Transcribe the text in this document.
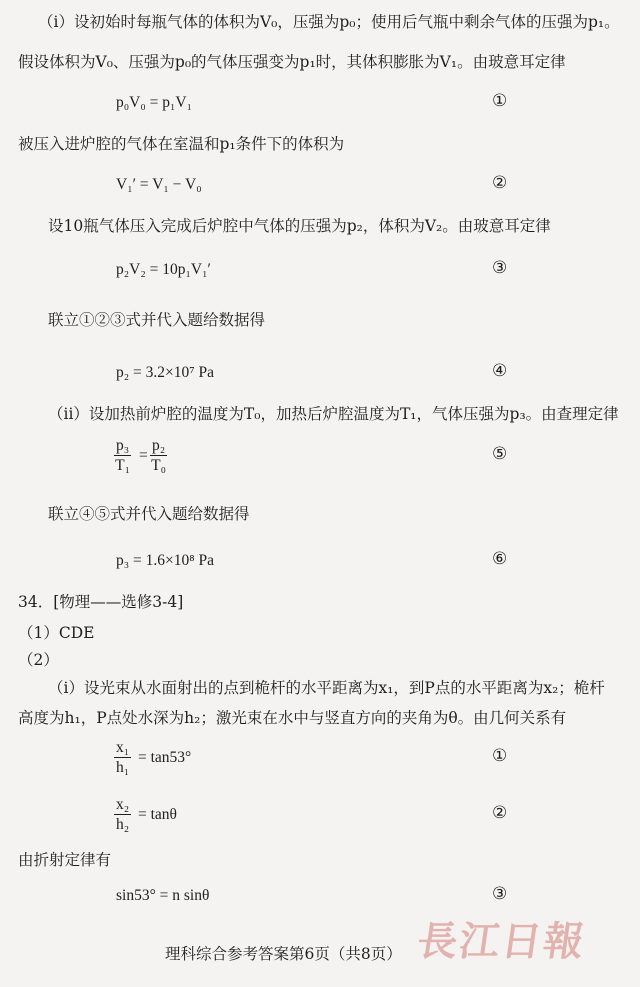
（i）设初始时每瓶气体的体积为V₀，压强为p₀；使用后气瓶中剩余气体的压强为p₁。
假设体积为V₀、压强为p₀的气体压强变为p₁时，其体积膨胀为V₁。由玻意耳定律
p₀V₀ = p₁V₁	①
被压入进炉腔的气体在室温和p₁条件下的体积为
V₁′ = V₁ − V₀	②
设10瓶气体压入完成后炉腔中气体的压强为p₂，体积为V₂。由玻意耳定律
p₂V₂ = 10p₁V₁′	③
联立①②③式并代入题给数据得
p₂ = 3.2×10⁷ Pa	④
（ii）设加热前炉腔的温度为T₀，加热后炉腔温度为T₁，气体压强为p₃。由查理定律
$\frac{\text{p₃}}{\text{T₁}} = \frac{\text{p₂}}{\text{T₀}}$	⑤
联立④⑤式并代入题给数据得
p₃ = 1.6×10⁸ Pa	⑥
34．[物理——选修3-4]
（1）CDE
（2）
（i）设光束从水面射出的点到桅杆的水平距离为x₁，到P点的水平距离为x₂；桅杆
高度为h₁，P点处水深为h₂；激光束在水中与竖直方向的夹角为θ。由几何关系有
$\frac{\text{x₁}}{\text{h₁}} = \tan 53^\circ$	①
$\frac{\text{x₂}}{\text{h₂}} = \tan\theta$	②
由折射定律有
sin53° = n sinθ	③
長江日報
理科综合参考答案第6页（共8页）
